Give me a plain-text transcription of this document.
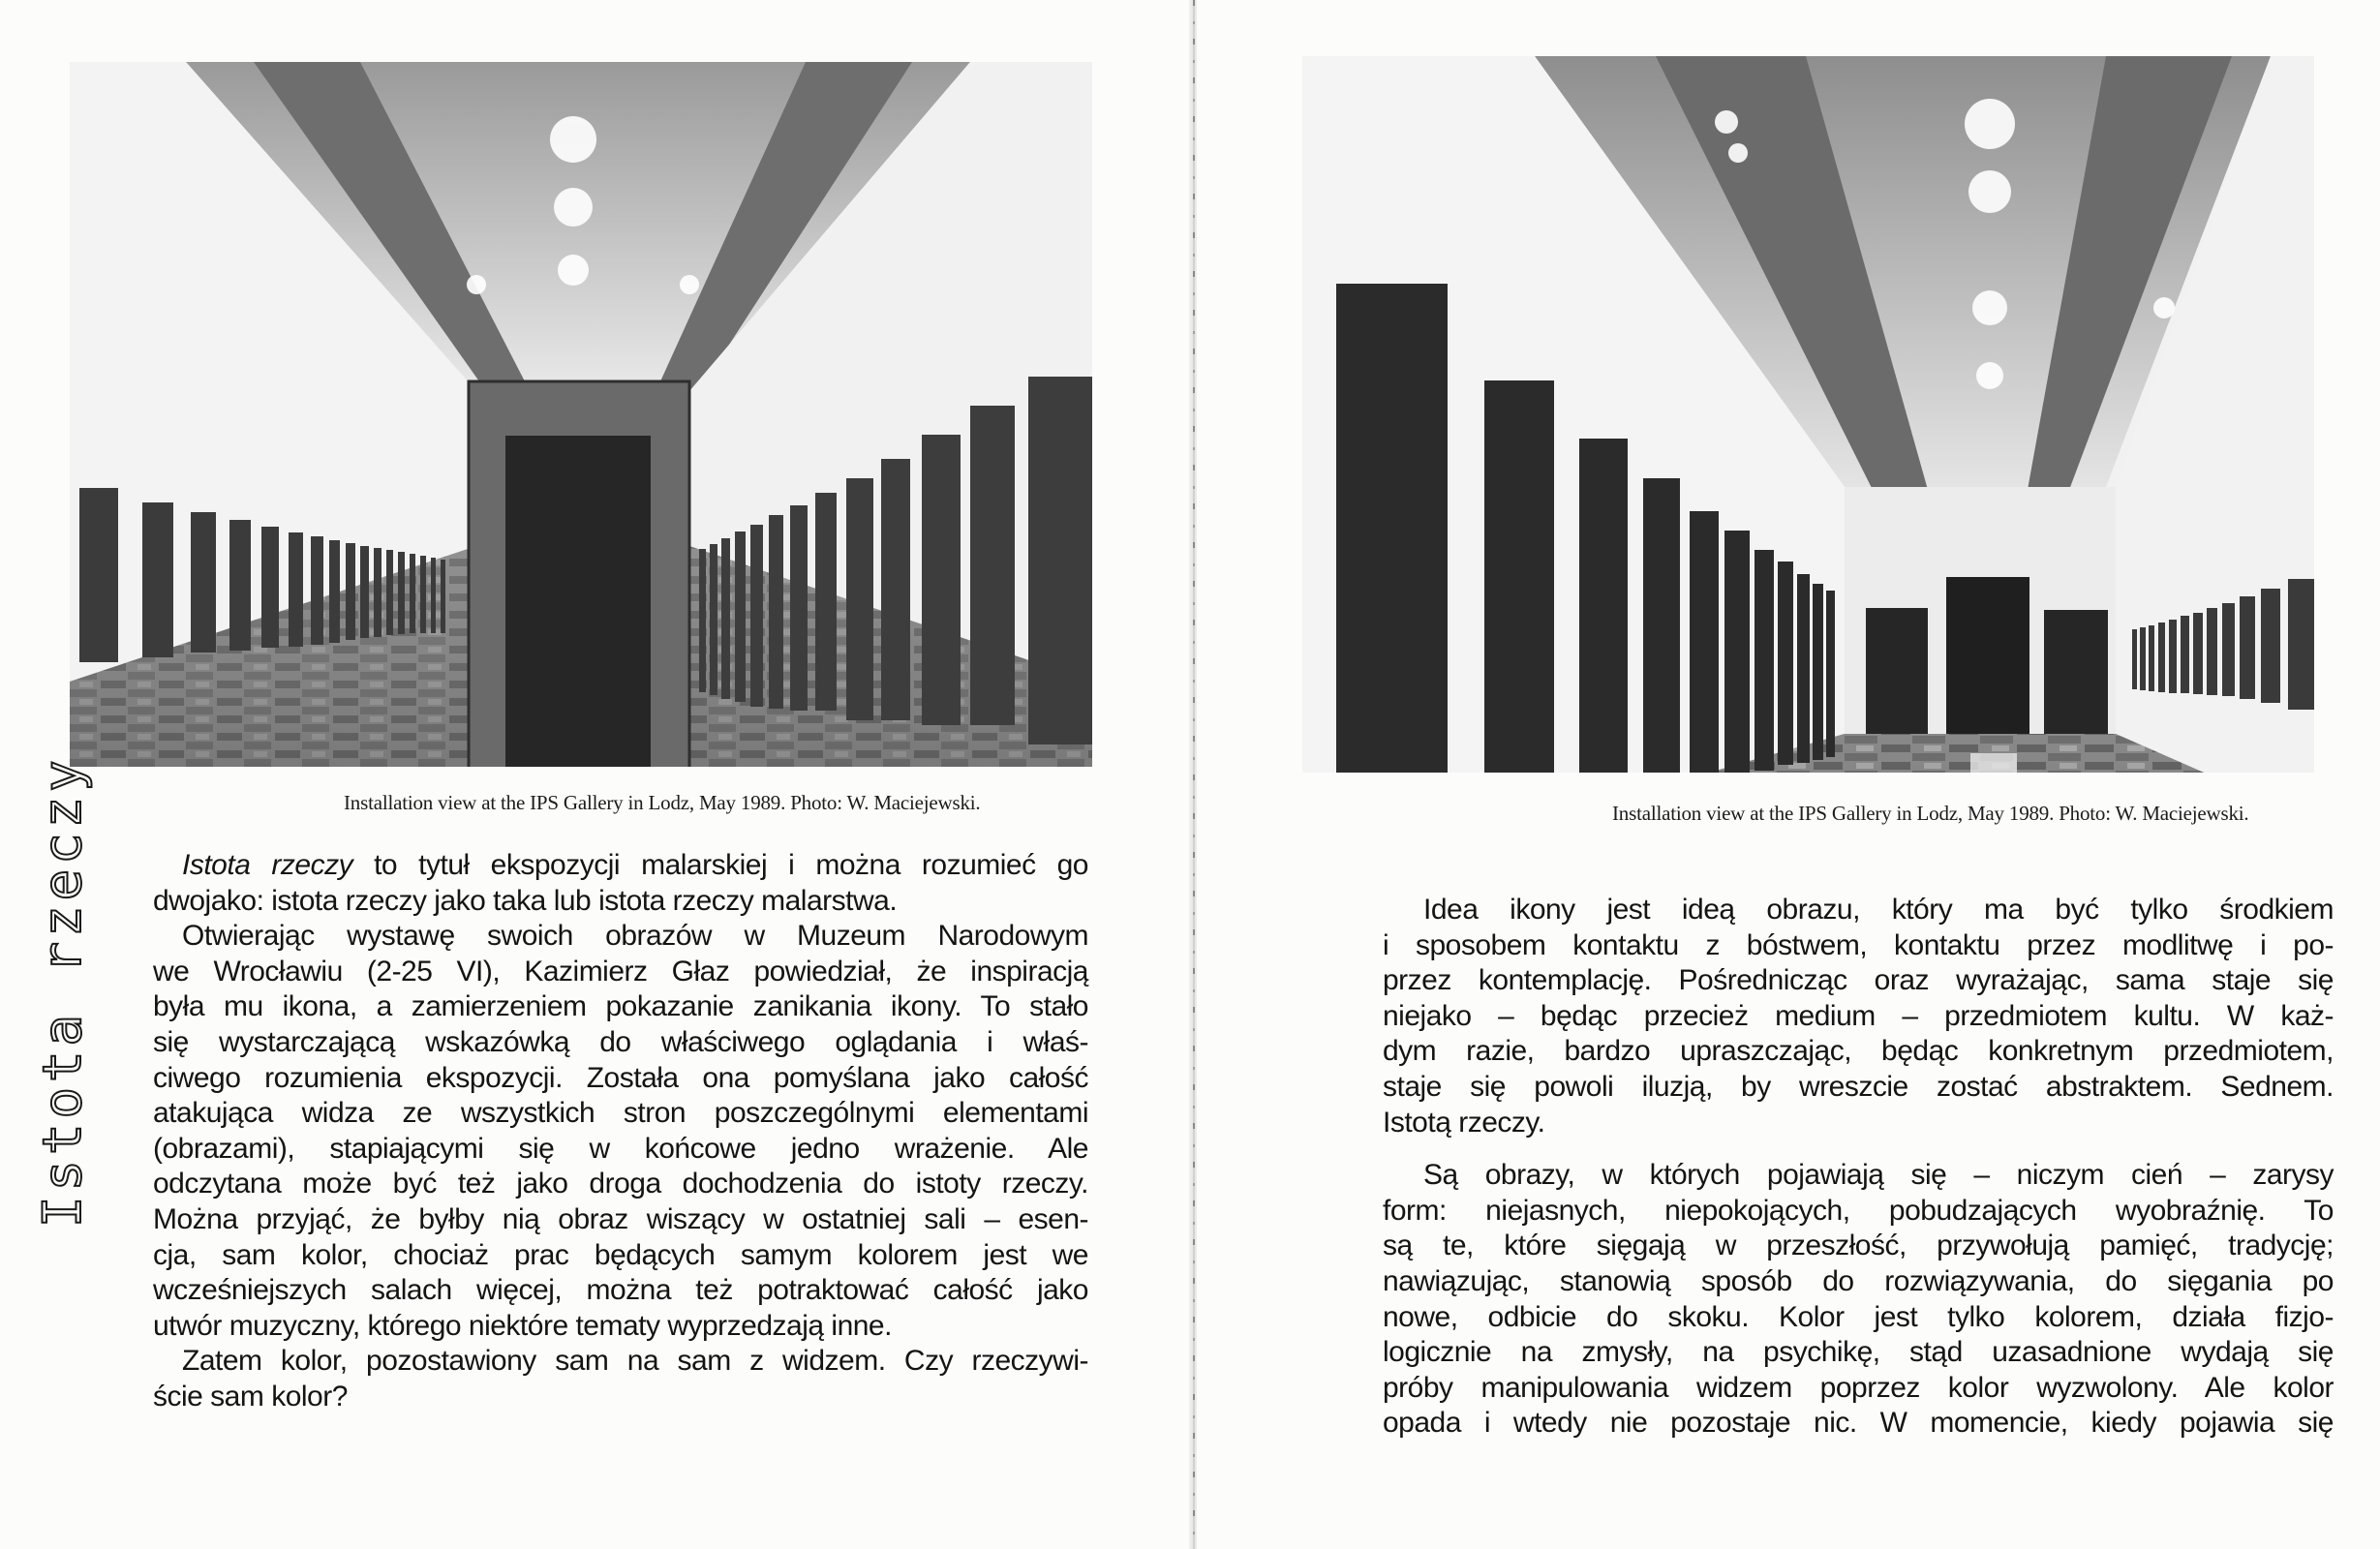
Installation view at the IPS Gallery in Lodz, May 1989. Photo: W. Maciejewski.
Istota rzeczy	Istota rzeczy to tytuł ekspozycji malarskiej i można rozumieć go
dwojako: istota rzeczy jako taka lub istota rzeczy malarstwa.

Otwierając wystawę swoich obrazów w Muzeum Narodowym
we Wrocławiu (2-25 VI), Kazimierz Głaz powiedział, że inspiracją
była mu ikona, a zamierzeniem pokazanie zanikania ikony. To stało
się wystarczającą wskazówką do właściwego oglądania i właś-
ciwego rozumienia ekspozycji. Została ona pomyślana jako całość
atakująca widza ze wszystkich stron poszczególnymi elementami
(obrazami), stapiającymi się w końcowe jedno wrażenie. Ale
odczytana może być też jako droga dochodzenia do istoty rzeczy.
Można przyjąć, że byłby nią obraz wiszący w ostatniej sali – esen-
cja, sam kolor, chociaż prac będących samym kolorem jest we
wcześniejszych salach więcej, można też potraktować całość jako
utwór muzyczny, którego niektóre tematy wyprzedzają inne.

Zatem kolor, pozostawiony sam na sam z widzem. Czy rzeczywi-
ście sam kolor?

Installation view at the IPS Gallery in Lodz, May 1989. Photo: W. Maciejewski.

Idea ikony jest ideą obrazu, który ma być tylko środkiem
i sposobem kontaktu z bóstwem, kontaktu przez modlitwę i po-
przez kontemplację. Pośrednicząc oraz wyrażając, sama staje się
niejako – będąc przecież medium – przedmiotem kultu. W każ-
dym razie, bardzo upraszczając, będąc konkretnym przedmiotem,
staje się powoli iluzją, by wreszcie zostać abstraktem. Sednem.
Istotą rzeczy.

Są obrazy, w których pojawiają się – niczym cień – zarysy
form: niejasnych, niepokojących, pobudzających wyobraźnię. To
są te, które sięgają w przeszłość, przywołują pamięć, tradycję;
nawiązując, stanowią sposób do rozwiązywania, do sięgania po
nowe, odbicie do skoku. Kolor jest tylko kolorem, działa fizjo-
logicznie na zmysły, na psychikę, stąd uzasadnione wydają się
próby manipulowania widzem poprzez kolor wyzwolony. Ale kolor
opada i wtedy nie pozostaje nic. W momencie, kiedy pojawia się
